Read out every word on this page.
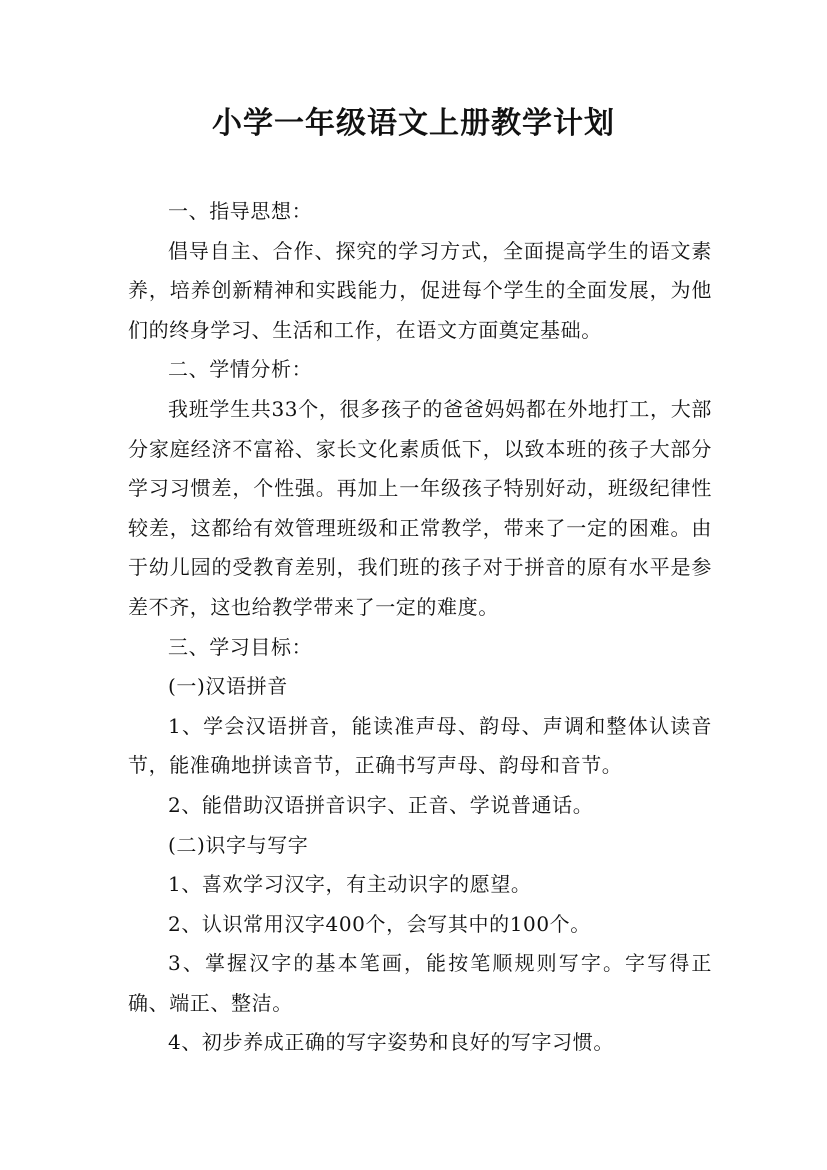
小学一年级语文上册教学计划

一、指导思想：

倡导自主、合作、探究的学习方式，全面提高学生的语文素养，培养创新精神和实践能力，促进每个学生的全面发展，为他们的终身学习、生活和工作，在语文方面奠定基础。

二、学情分析：

我班学生共33个，很多孩子的爸爸妈妈都在外地打工，大部分家庭经济不富裕、家长文化素质低下，以致本班的孩子大部分学习习惯差，个性强。再加上一年级孩子特别好动，班级纪律性较差，这都给有效管理班级和正常教学，带来了一定的困难。由于幼儿园的受教育差别，我们班的孩子对于拼音的原有水平是参差不齐，这也给教学带来了一定的难度。

三、学习目标：

(一)汉语拼音

1、学会汉语拼音，能读准声母、韵母、声调和整体认读音节，能准确地拼读音节，正确书写声母、韵母和音节。

2、能借助汉语拼音识字、正音、学说普通话。

(二)识字与写字

1、喜欢学习汉字，有主动识字的愿望。

2、认识常用汉字400个，会写其中的100个。

3、掌握汉字的基本笔画，能按笔顺规则写字。字写得正确、端正、整洁。

4、初步养成正确的写字姿势和良好的写字习惯。
